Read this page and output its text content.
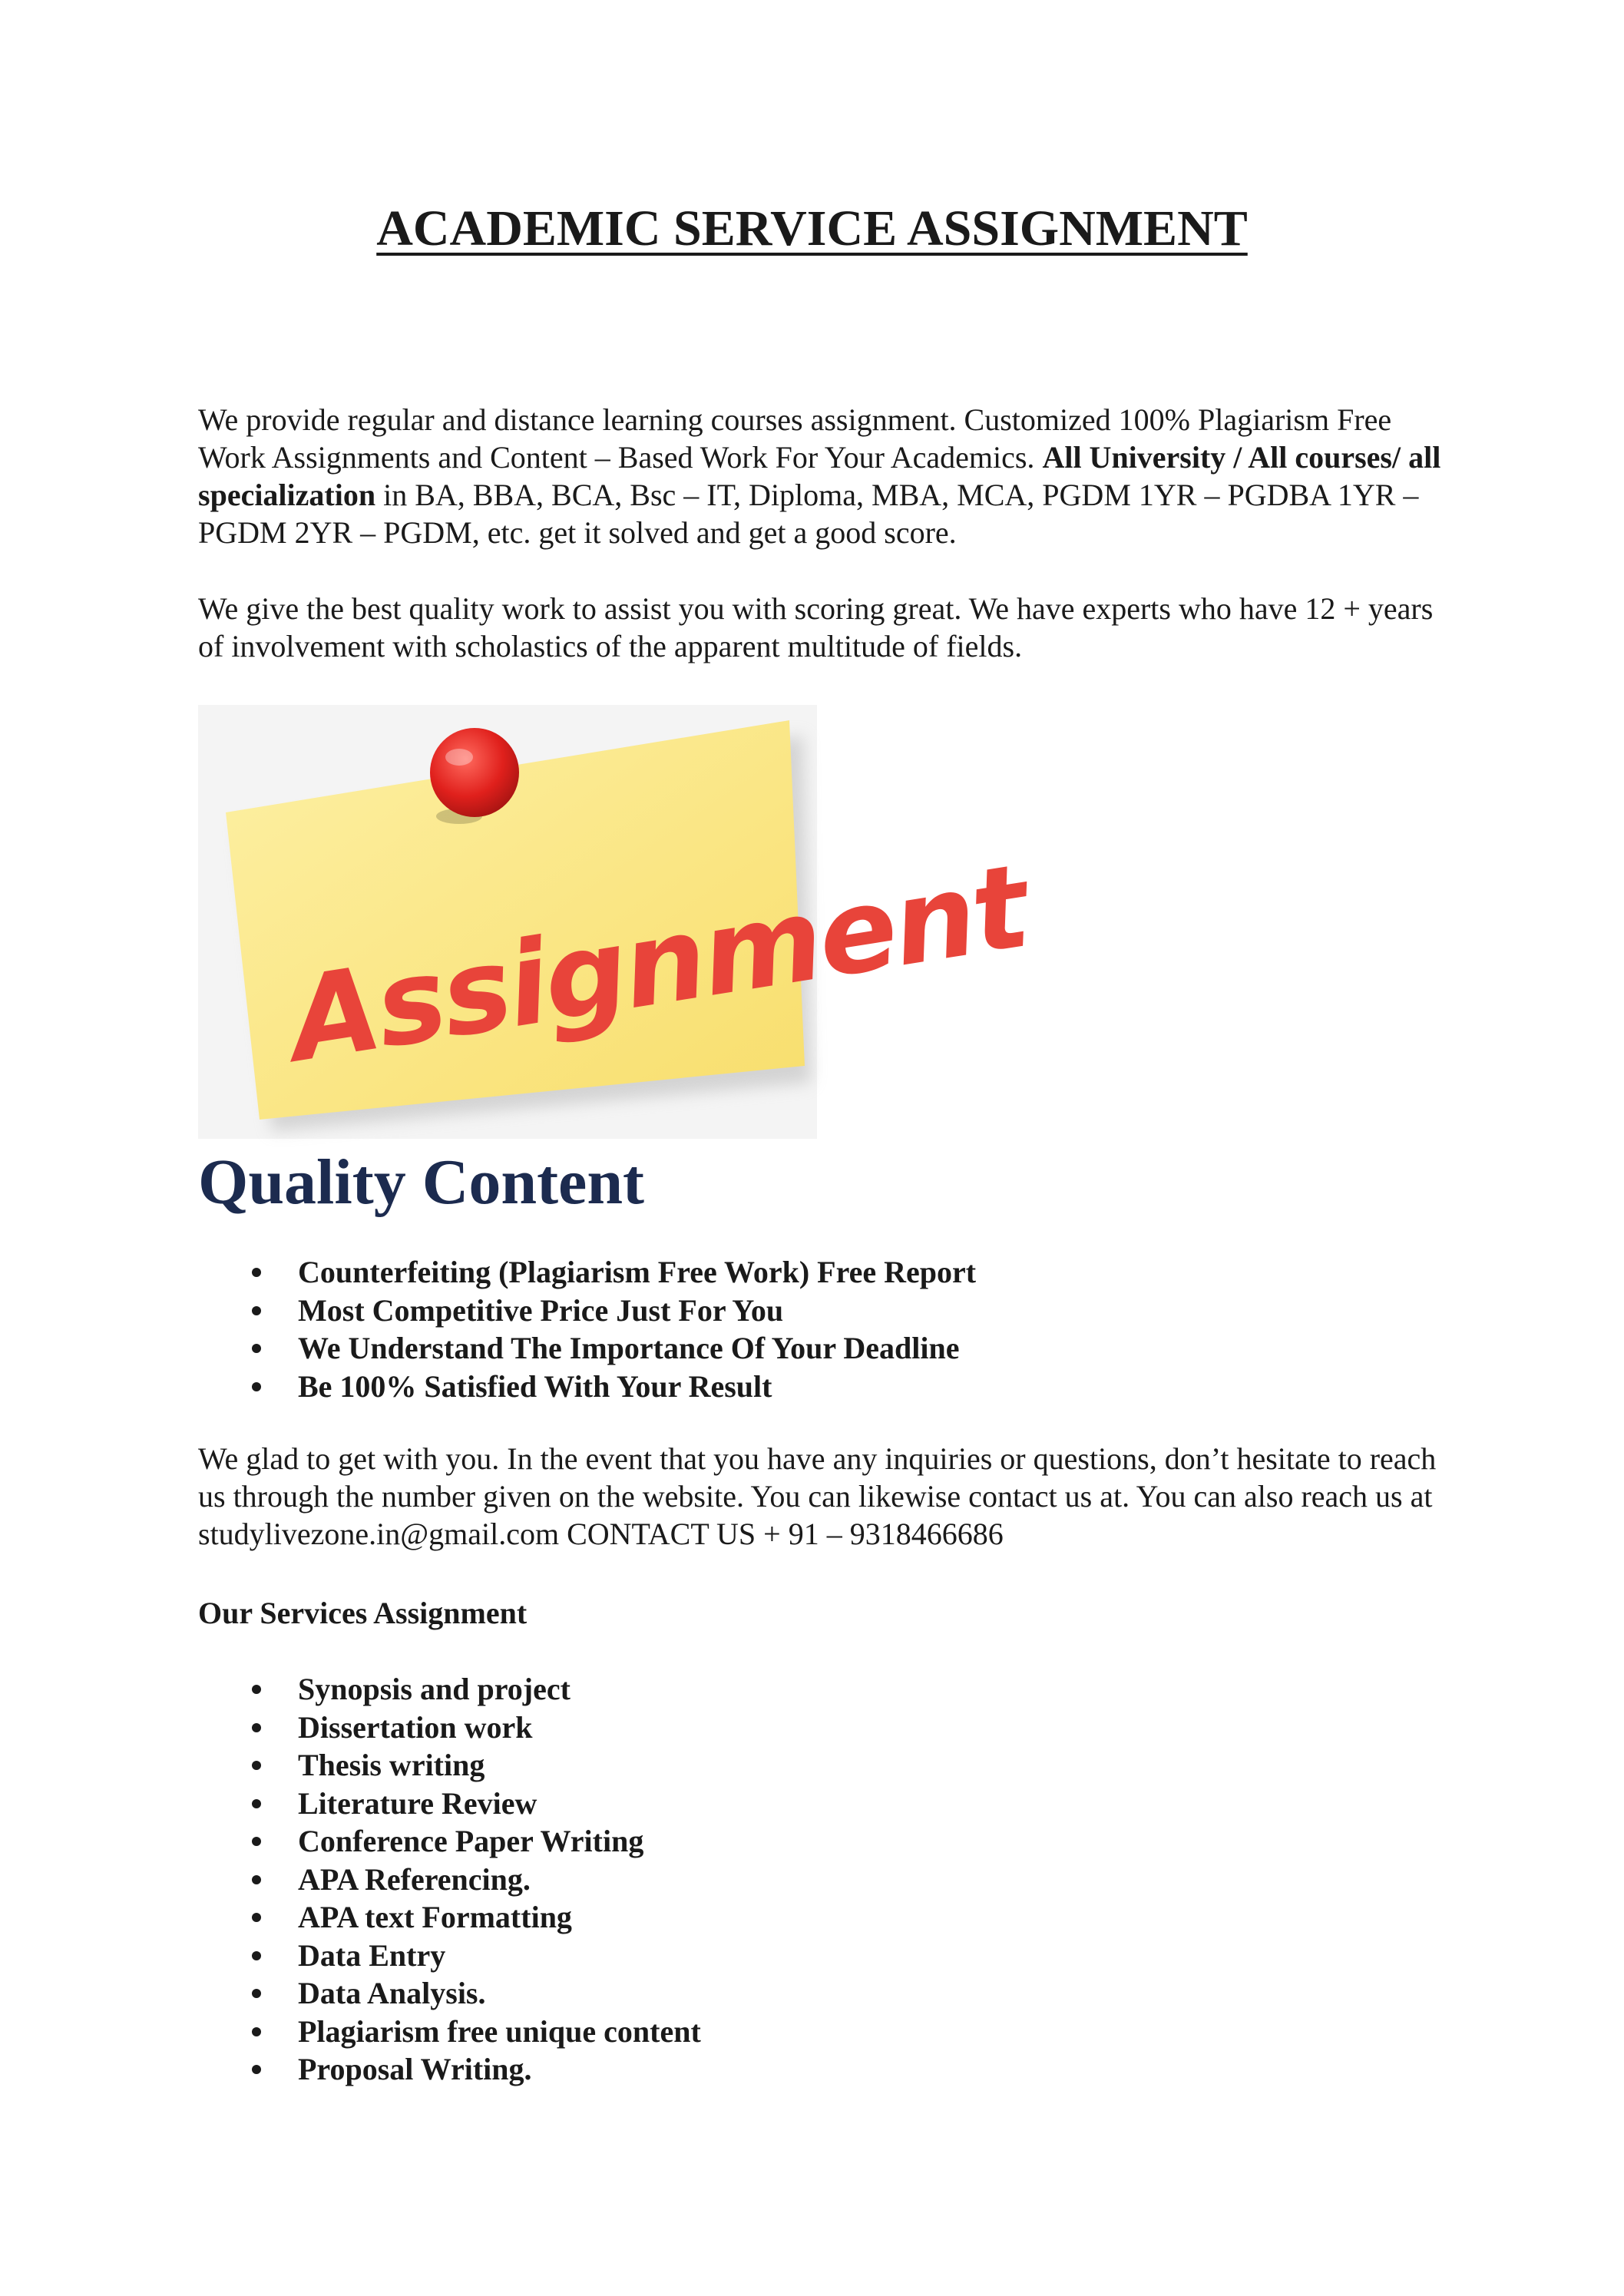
ACADEMIC SERVICE ASSIGNMENT
We provide regular and distance learning courses assignment. Customized 100% Plagiarism Free Work Assignments and Content – Based Work For Your Academics. All University / All courses/ all specialization in BA, BBA, BCA, Bsc – IT, Diploma, MBA, MCA, PGDM 1YR – PGDBA 1YR – PGDM 2YR – PGDM, etc. get it solved and get a good score.
We give the best quality work to assist you with scoring great. We have experts who have 12 + years of involvement with scholastics of the apparent multitude of fields.
Assignment
Quality Content
Counterfeiting (Plagiarism Free Work) Free Report
Most Competitive Price Just For You
We Understand The Importance Of Your Deadline
Be 100% Satisfied With Your Result
We glad to get with you. In the event that you have any inquiries or questions, don’t hesitate to reach us through the number given on the website. You can likewise contact us at. You can also reach us at studylivezone.in@gmail.com CONTACT US + 91 – 9318466686
Our Services Assignment
Synopsis and project
Dissertation work
Thesis writing
Literature Review
Conference Paper Writing
APA Referencing.
APA text Formatting
Data Entry
Data Analysis.
Plagiarism free unique content
Proposal Writing.
